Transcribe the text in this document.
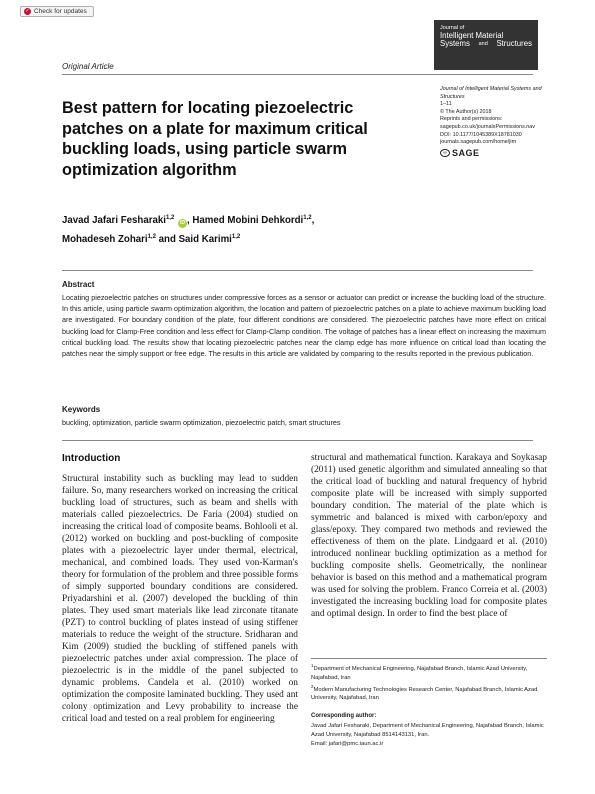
✓ Check for updates
Journal of
Intelligent Material
Systems and Structures
Original Article
Best pattern for locating piezoelectric patches on a plate for maximum critical buckling loads, using particle swarm optimization algorithm
Journal of Intelligent Material Systems and Structures
1–11
© The Author(s) 2018
Reprints and permissions:
sagepub.co.uk/journalsPermissions.nav
DOI: 10.1177/1045389X18781030
journals.sagepub.com/home/jim
∞ SAGE
Javad Jafari Fesharaki$^{1,2}$ iD , Hamed Mobini Dehkordi$^{1,2}$,
Mohadeseh Zohari$^{1,2}$ and Said Karimi$^{1,2}$
Abstract

Locating piezoelectric patches on structures under compressive forces as a sensor or actuator can predict or increase the buckling load of the structure. In this article, using particle swarm optimization algorithm, the location and pattern of piezoelectric patches on a plate to achieve maximum buckling load are investigated. For boundary condition of the plate, four different conditions are considered. The piezoelectric patches have more effect on critical buckling load for Clamp-Free condition and less effect for Clamp-Clamp condition. The voltage of patches has a linear effect on increasing the maximum critical buckling load. The results show that locating piezoelectric patches near the clamp edge has more influence on critical load than locating the patches near the simply support or free edge. The results in this article are validated by comparing to the results reported in the previous publication.

Keywords
buckling, optimization, particle swarm optimization, piezoelectric patch, smart structures
Introduction

Structural instability such as buckling may lead to sudden failure. So, many researchers worked on increasing the critical buckling load of structures, such as beam and shells with materials called piezoelectrics. De Faria (2004) studied on increasing the critical load of composite beams. Bohlooli et al. (2012) worked on buckling and post-buckling of composite plates with a piezoelectric layer under thermal, electrical, mechanical, and combined loads. They used von-Karman's theory for formulation of the problem and three possible forms of simply supported boundary conditions are considered. Priyadarshini et al. (2007) developed the buckling of thin plates. They used smart materials like lead zirconate titanate (PZT) to control buckling of plates instead of using stiffener materials to reduce the weight of the structure. Sridharan and Kim (2009) studied the buckling of stiffened panels with piezoelectric patches under axial compression. The place of piezoelectric is in the middle of the panel subjected to dynamic problems. Candela et al. (2010) worked on optimization the composite laminated buckling. They used ant colony optimization and Levy probability to increase the critical load and tested on a real problem for engineering

structural and mathematical function. Karakaya and Soykasap (2011) used genetic algorithm and simulated annealing so that the critical load of buckling and natural frequency of hybrid composite plate will be increased with simply supported boundary condition. The material of the plate which is symmetric and balanced is mixed with carbon/epoxy and glass/epoxy. They compared two methods and reviewed the effectiveness of them on the plate. Lindgaard et al. (2010) introduced nonlinear buckling optimization as a method for buckling composite shells. Geometrically, the nonlinear behavior is based on this method and a mathematical program was used for solving the problem. Franco Correia et al. (2003) investigated the increasing buckling load for composite plates and optimal design. In order to find the best place of

$^1$Department of Mechanical Engineering, Najafabad Branch, Islamic Azad University, Najafabad, Iran
$^2$Modern Manufacturing Technologies Research Center, Najafabad Branch, Islamic Azad University, Najafabad, Iran
Corresponding author:
Javad Jafari Fesharaki, Department of Mechanical Engineering, Najafabad Branch, Islamic Azad University, Najafabad 8514143131, Iran.
Email: jafari@pmc.iaun.ac.ir
